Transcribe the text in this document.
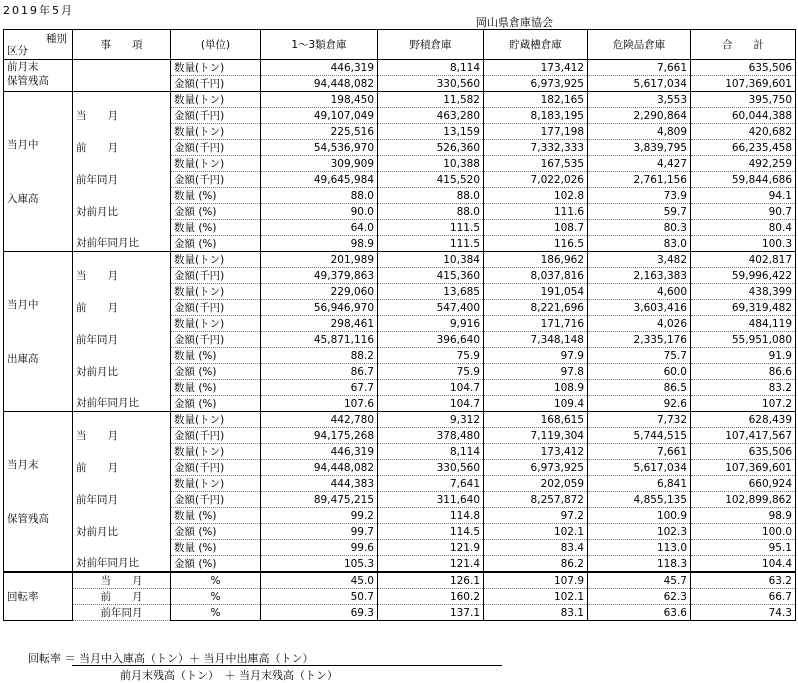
2019年5月
岡山県倉庫協会
種別
区分	事　　項	(単位)	1～3類倉庫	野積倉庫	貯蔵槽倉庫	危険品倉庫	合　　計

前月末
保管残高		数量(トン)	446,319	8,114	173,412	7,661	635,506
		金額(千円)	94,448,082	330,560	6,973,925	5,617,034	107,369,601

当月中
入庫高		数量(トン)	198,450	11,582	182,165	3,553	395,750
	当　　月	金額(千円)	49,107,049	463,280	8,183,195	2,290,864	60,044,388
		数量(トン)	225,516	13,159	177,198	4,809	420,682
	前　　月	金額(千円)	54,536,970	526,360	7,332,333	3,839,795	66,235,458
		数量(トン)	309,909	10,388	167,535	4,427	492,259
	前年同月	金額(千円)	49,645,984	415,520	7,022,026	2,761,156	59,844,686
		数量 (%)	88.0	88.0	102.8	73.9	94.1
	対前月比	金額 (%)	90.0	88.0	111.6	59.7	90.7
		数量 (%)	64.0	111.5	108.7	80.3	80.4
	対前年同月比	金額 (%)	98.9	111.5	116.5	83.0	100.3

当月中
出庫高		数量(トン)	201,989	10,384	186,962	3,482	402,817
	当　　月	金額(千円)	49,379,863	415,360	8,037,816	2,163,383	59,996,422
		数量(トン)	229,060	13,685	191,054	4,600	438,399
	前　　月	金額(千円)	56,946,970	547,400	8,221,696	3,603,416	69,319,482
		数量(トン)	298,461	9,916	171,716	4,026	484,119
	前年同月	金額(千円)	45,871,116	396,640	7,348,148	2,335,176	55,951,080
		数量 (%)	88.2	75.9	97.9	75.7	91.9
	対前月比	金額 (%)	86.7	75.9	97.8	60.0	86.6
		数量 (%)	67.7	104.7	108.9	86.5	83.2
	対前年同月比	金額 (%)	107.6	104.7	109.4	92.6	107.2

当月末
保管残高		数量(トン)	442,780	9,312	168,615	7,732	628,439
	当　　月	金額(千円)	94,175,268	378,480	7,119,304	5,744,515	107,417,567
		数量(トン)	446,319	8,114	173,412	7,661	635,506
	前　　月	金額(千円)	94,448,082	330,560	6,973,925	5,617,034	107,369,601
		数量(トン)	444,383	7,641	202,059	6,841	660,924
	前年同月	金額(千円)	89,475,215	311,640	8,257,872	4,855,135	102,899,862
		数量 (%)	99.2	114.8	97.2	100.9	98.9
	対前月比	金額 (%)	99.7	114.5	102.1	102.3	100.0
		数量 (%)	99.6	121.9	83.4	113.0	95.1
	対前年同月比	金額 (%)	105.3	121.4	86.2	118.3	104.4

回転率	当　　月	%	45.0	126.1	107.9	45.7	63.2
	前　　月	%	50.7	160.2	102.1	62.3	66.7
	前年同月	%	69.3	137.1	83.1	63.6	74.3
回転率 ＝ 当月中入庫高（トン）＋ 当月中出庫高（トン）
前月末残高（トン）　＋ 当月末残高（トン）
